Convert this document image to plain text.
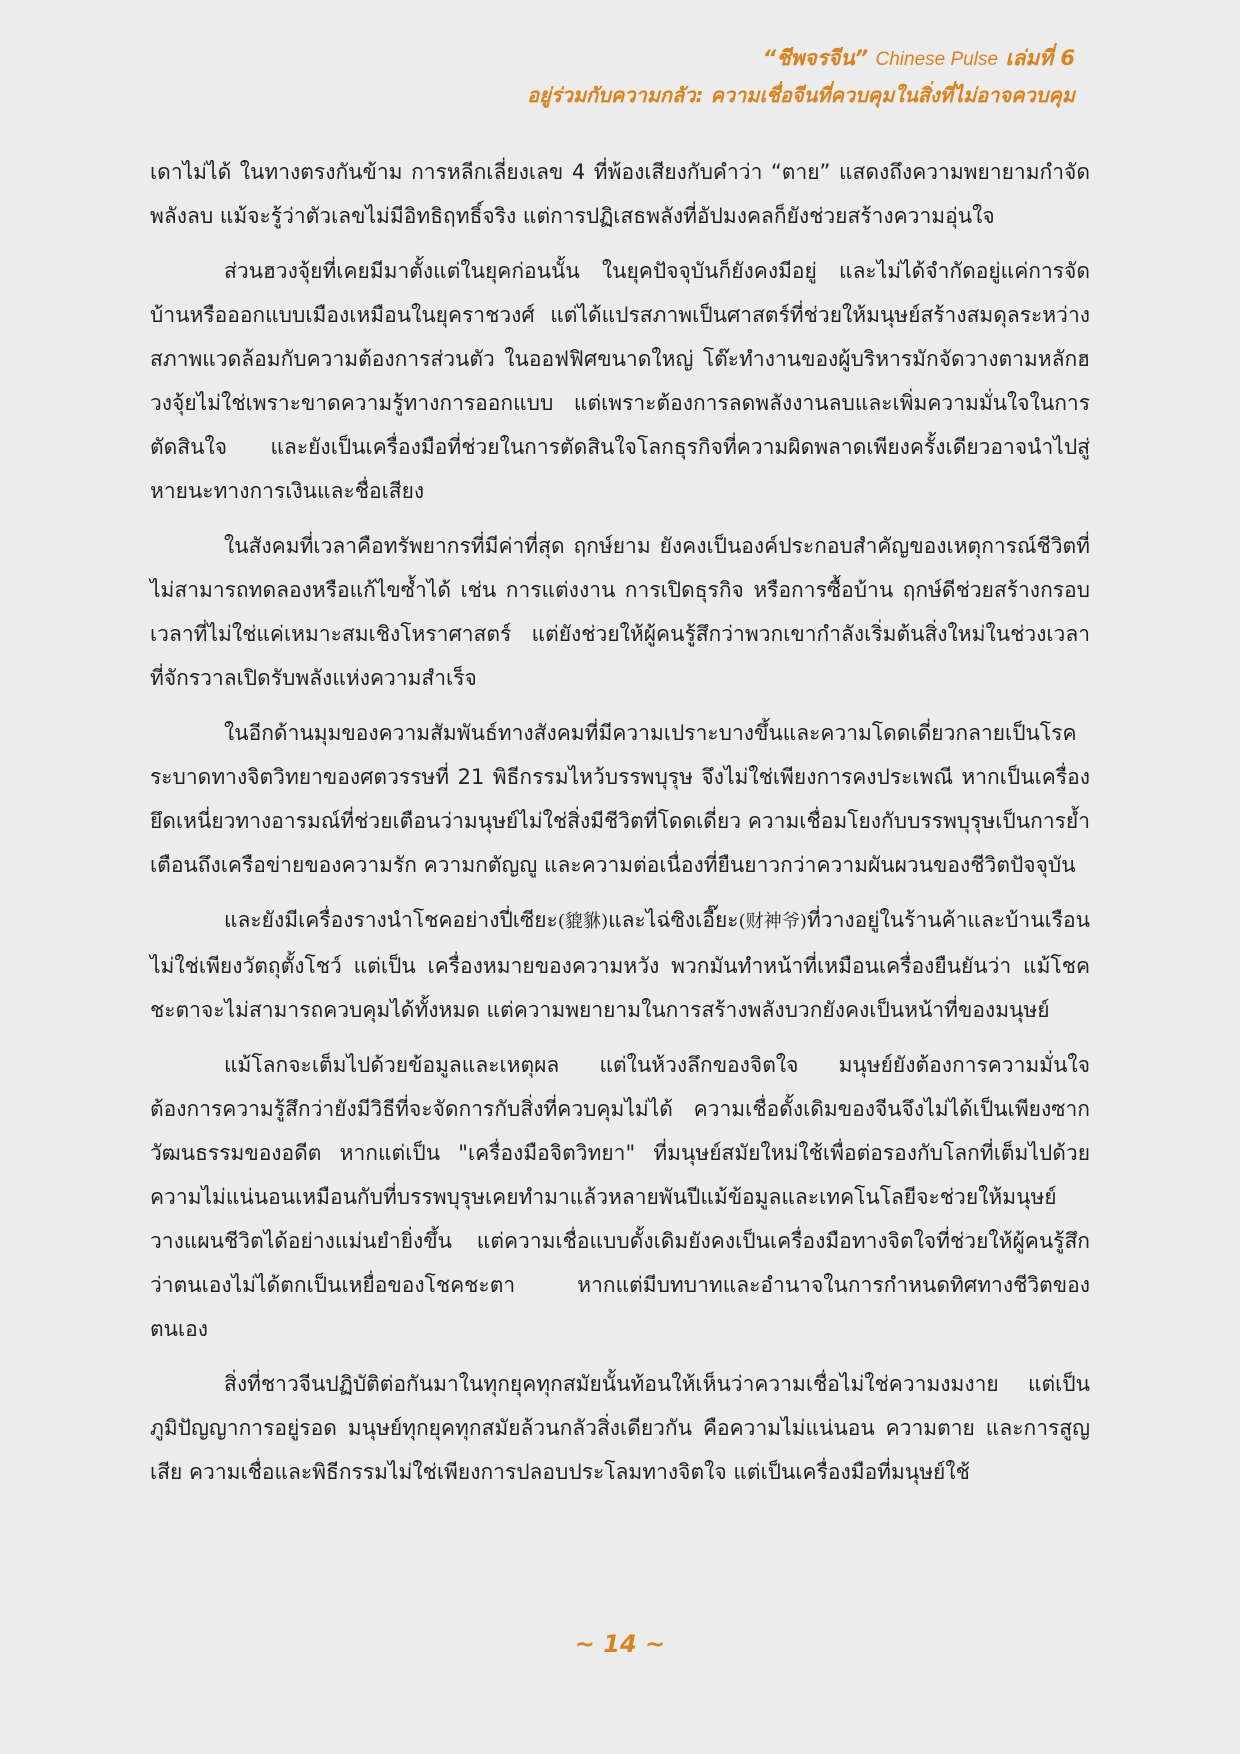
“ชีพจรจีน” Chinese Pulse เล่มที่ 6
อยู่ร่วมกับความกลัว: ความเชื่อจีนที่ควบคุมในสิ่งที่ไม่อาจควบคุม

เดาไม่ได้ ในทางตรงกันข้าม การหลีกเลี่ยงเลข 4 ที่พ้องเสียงกับคำว่า “ตาย” แสดงถึงความพยายามกำจัดพลังลบ แม้จะรู้ว่าตัวเลขไม่มีอิทธิฤทธิ์จริง แต่การปฏิเสธพลังที่อัปมงคลก็ยังช่วยสร้างความอุ่นใจ

ส่วนฮวงจุ้ยที่เคยมีมาตั้งแต่ในยุคก่อนนั้น ในยุคปัจจุบันก็ยังคงมีอยู่ และไม่ได้จำกัดอยู่แค่การจัดบ้านหรือออกแบบเมืองเหมือนในยุคราชวงศ์ แต่ได้แปรสภาพเป็นศาสตร์ที่ช่วยให้มนุษย์สร้างสมดุลระหว่างสภาพแวดล้อมกับความต้องการส่วนตัว ในออฟฟิศขนาดใหญ่ โต๊ะทำงานของผู้บริหารมักจัดวางตามหลักฮวงจุ้ยไม่ใช่เพราะขาดความรู้ทางการออกแบบ แต่เพราะต้องการลดพลังงานลบและเพิ่มความมั่นใจในการตัดสินใจ และยังเป็นเครื่องมือที่ช่วยในการตัดสินใจโลกธุรกิจที่ความผิดพลาดเพียงครั้งเดียวอาจนำไปสู่หายนะทางการเงินและชื่อเสียง

ในสังคมที่เวลาคือทรัพยากรที่มีค่าที่สุด ฤกษ์ยาม ยังคงเป็นองค์ประกอบสำคัญของเหตุการณ์ชีวิตที่ไม่สามารถทดลองหรือแก้ไขซ้ำได้ เช่น การแต่งงาน การเปิดธุรกิจ หรือการซื้อบ้าน ฤกษ์ดีช่วยสร้างกรอบเวลาที่ไม่ใช่แค่เหมาะสมเชิงโหราศาสตร์ แต่ยังช่วยให้ผู้คนรู้สึกว่าพวกเขากำลังเริ่มต้นสิ่งใหม่ในช่วงเวลาที่จักรวาลเปิดรับพลังแห่งความสำเร็จ

ในอีกด้านมุมของความสัมพันธ์ทางสังคมที่มีความเปราะบางขึ้นและความโดดเดี่ยวกลายเป็นโรคระบาดทางจิตวิทยาของศตวรรษที่ 21 พิธีกรรมไหว้บรรพบุรุษ จึงไม่ใช่เพียงการคงประเพณี หากเป็นเครื่องยึดเหนี่ยวทางอารมณ์ที่ช่วยเตือนว่ามนุษย์ไม่ใช่สิ่งมีชีวิตที่โดดเดี่ยว ความเชื่อมโยงกับบรรพบุรุษเป็นการย้ำเตือนถึงเครือข่ายของความรัก ความกตัญญู และความต่อเนื่องที่ยืนยาวกว่าความผันผวนของชีวิตปัจจุบัน

และยังมีเครื่องรางนำโชคอย่างปี่เซียะ(貔貅)และไฉ่ซิงเอี๊ยะ(财神爷)ที่วางอยู่ในร้านค้าและบ้านเรือน ไม่ใช่เพียงวัตถุตั้งโชว์ แต่เป็น เครื่องหมายของความหวัง พวกมันทำหน้าที่เหมือนเครื่องยืนยันว่า แม้โชคชะตาจะไม่สามารถควบคุมได้ทั้งหมด แต่ความพยายามในการสร้างพลังบวกยังคงเป็นหน้าที่ของมนุษย์

แม้โลกจะเต็มไปด้วยข้อมูลและเหตุผล แต่ในห้วงลึกของจิตใจ มนุษย์ยังต้องการความมั่นใจต้องการความรู้สึกว่ายังมีวิธีที่จะจัดการกับสิ่งที่ควบคุมไม่ได้ ความเชื่อดั้งเดิมของจีนจึงไม่ได้เป็นเพียงซากวัฒนธรรมของอดีต หากแต่เป็น "เครื่องมือจิตวิทยา" ที่มนุษย์สมัยใหม่ใช้เพื่อต่อรองกับโลกที่เต็มไปด้วยความไม่แน่นอนเหมือนกับที่บรรพบุรุษเคยทำมาแล้วหลายพันปีแม้ข้อมูลและเทคโนโลยีจะช่วยให้มนุษย์วางแผนชีวิตได้อย่างแม่นยำยิ่งขึ้น แต่ความเชื่อแบบดั้งเดิมยังคงเป็นเครื่องมือทางจิตใจที่ช่วยให้ผู้คนรู้สึกว่าตนเองไม่ได้ตกเป็นเหยื่อของโชคชะตา หากแต่มีบทบาทและอำนาจในการกำหนดทิศทางชีวิตของตนเอง

สิ่งที่ชาวจีนปฏิบัติต่อกันมาในทุกยุคทุกสมัยนั้นท้อนให้เห็นว่าความเชื่อไม่ใช่ความงมงาย แต่เป็นภูมิปัญญาการอยู่รอด มนุษย์ทุกยุคทุกสมัยล้วนกลัวสิ่งเดียวกัน คือความไม่แน่นอน ความตาย และการสูญเสีย ความเชื่อและพิธีกรรมไม่ใช่เพียงการปลอบประโลมทางจิตใจ แต่เป็นเครื่องมือที่มนุษย์ใช้

~ 14 ~
